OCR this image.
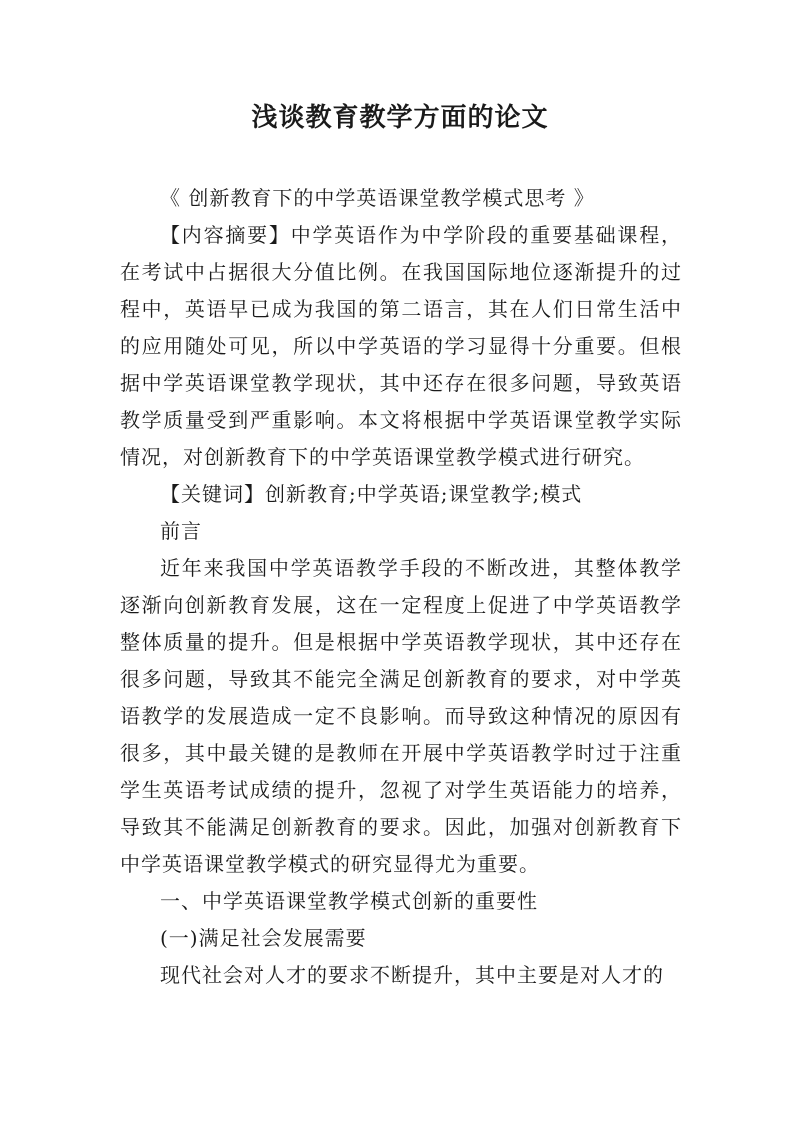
浅谈教育教学方面的论文

《 创新教育下的中学英语课堂教学模式思考 》

【内容摘要】中学英语作为中学阶段的重要基础课程，在考试中占据很大分值比例。在我国国际地位逐渐提升的过程中，英语早已成为我国的第二语言，其在人们日常生活中的应用随处可见，所以中学英语的学习显得十分重要。但根据中学英语课堂教学现状，其中还存在很多问题，导致英语教学质量受到严重影响。本文将根据中学英语课堂教学实际情况，对创新教育下的中学英语课堂教学模式进行研究。

【关键词】创新教育;中学英语;课堂教学;模式

前言

近年来我国中学英语教学手段的不断改进，其整体教学逐渐向创新教育发展，这在一定程度上促进了中学英语教学整体质量的提升。但是根据中学英语教学现状，其中还存在很多问题，导致其不能完全满足创新教育的要求，对中学英语教学的发展造成一定不良影响。而导致这种情况的原因有很多，其中最关键的是教师在开展中学英语教学时过于注重学生英语考试成绩的提升，忽视了对学生英语能力的培养，导致其不能满足创新教育的要求。因此，加强对创新教育下中学英语课堂教学模式的研究显得尤为重要。

一、中学英语课堂教学模式创新的重要性

(一)满足社会发展需要

现代社会对人才的要求不断提升，其中主要是对人才的
